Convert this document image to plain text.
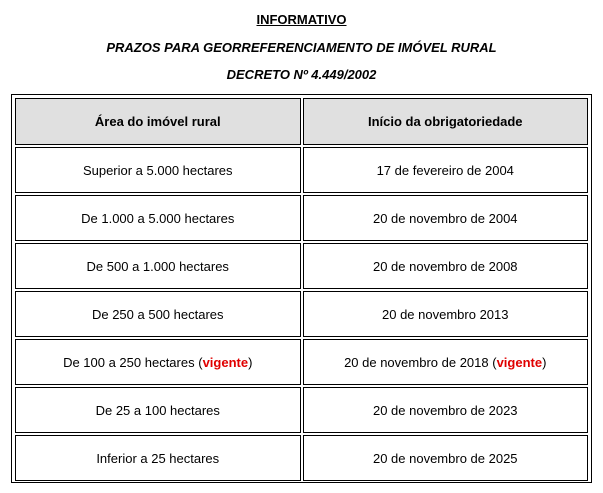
INFORMATIVO
PRAZOS PARA GEORREFERENCIAMENTO DE IMÓVEL RURAL
DECRETO Nº 4.449/2002
Área do imóvel rural	Início da obrigatoriedade
Superior a 5.000 hectares	17 de fevereiro de 2004
De 1.000 a 5.000 hectares	20 de novembro de 2004
De 500 a 1.000 hectares	20 de novembro de 2008
De 250 a 500 hectares	20 de novembro 2013
De 100 a 250 hectares (vigente)	20 de novembro de 2018 (vigente)
De 25 a 100 hectares	20 de novembro de 2023
Inferior a 25 hectares	20 de novembro de 2025
